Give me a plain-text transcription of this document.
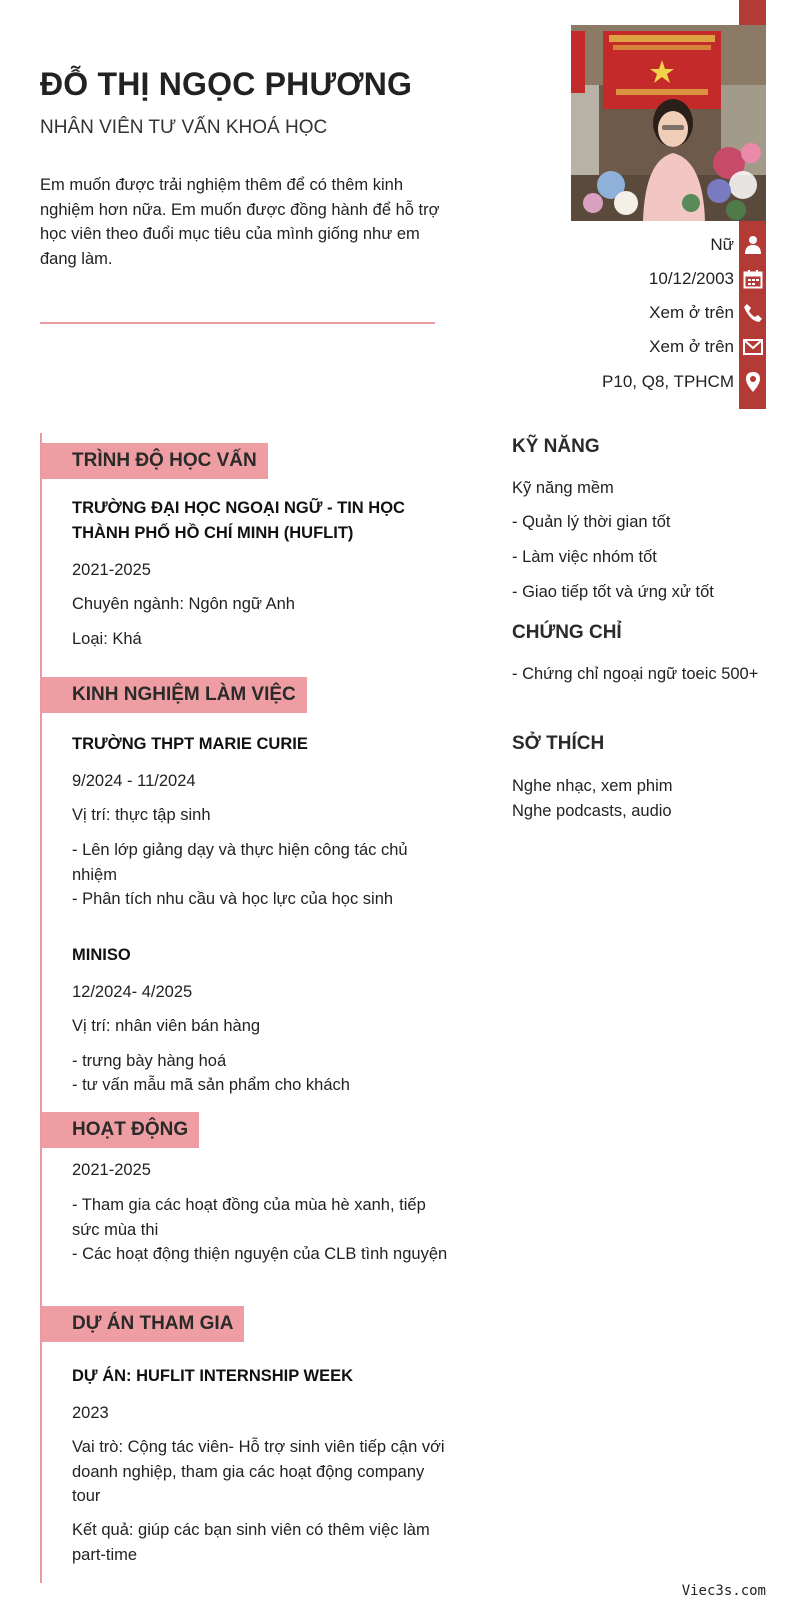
ĐỖ THỊ NGỌC PHƯƠNG
NHÂN VIÊN TƯ VẤN KHOÁ HỌC
Em muốn được trải nghiệm thêm để có thêm kinh nghiệm hơn nữa. Em muốn được đồng hành để hỗ trợ học viên theo đuổi mục tiêu của mình giống như em đang làm.
Nữ
10/12/2003
Xem ở trên
Xem ở trên
P10, Q8, TPHCM
TRÌNH ĐỘ HỌC VẤN
TRƯỜNG ĐẠI HỌC NGOẠI NGỮ - TIN HỌC THÀNH PHỐ HỒ CHÍ MINH (HUFLIT)
2021-2025
Chuyên ngành: Ngôn ngữ Anh
Loại: Khá
KINH NGHIỆM LÀM VIỆC
TRƯỜNG THPT MARIE CURIE
9/2024 - 11/2024
Vị trí: thực tập sinh
- Lên lớp giảng dạy và thực hiện công tác chủ nhiệm
- Phân tích nhu cầu và học lực của học sinh
MINISO
12/2024- 4/2025
Vị trí: nhân viên bán hàng
- trưng bày hàng hoá
- tư vấn mẫu mã sản phẩm cho khách
HOẠT ĐỘNG
2021-2025
- Tham gia các hoạt đồng của mùa hè xanh, tiếp sức mùa thi
- Các hoạt động thiện nguyện của CLB tình nguyện
DỰ ÁN THAM GIA
DỰ ÁN: HUFLIT INTERNSHIP WEEK
2023
Vai trò: Cộng tác viên- Hỗ trợ sinh viên tiếp cận với doanh nghiệp, tham gia các hoạt động company tour
Kết quả: giúp các bạn sinh viên có thêm việc làm part-time
KỸ NĂNG
Kỹ năng mềm
- Quản lý thời gian tốt
- Làm việc nhóm tốt
- Giao tiếp tốt và ứng xử tốt
CHỨNG CHỈ
- Chứng chỉ ngoại ngữ toeic 500+
SỞ THÍCH
Nghe nhạc, xem phim
Nghe podcasts, audio
Viec3s.com
